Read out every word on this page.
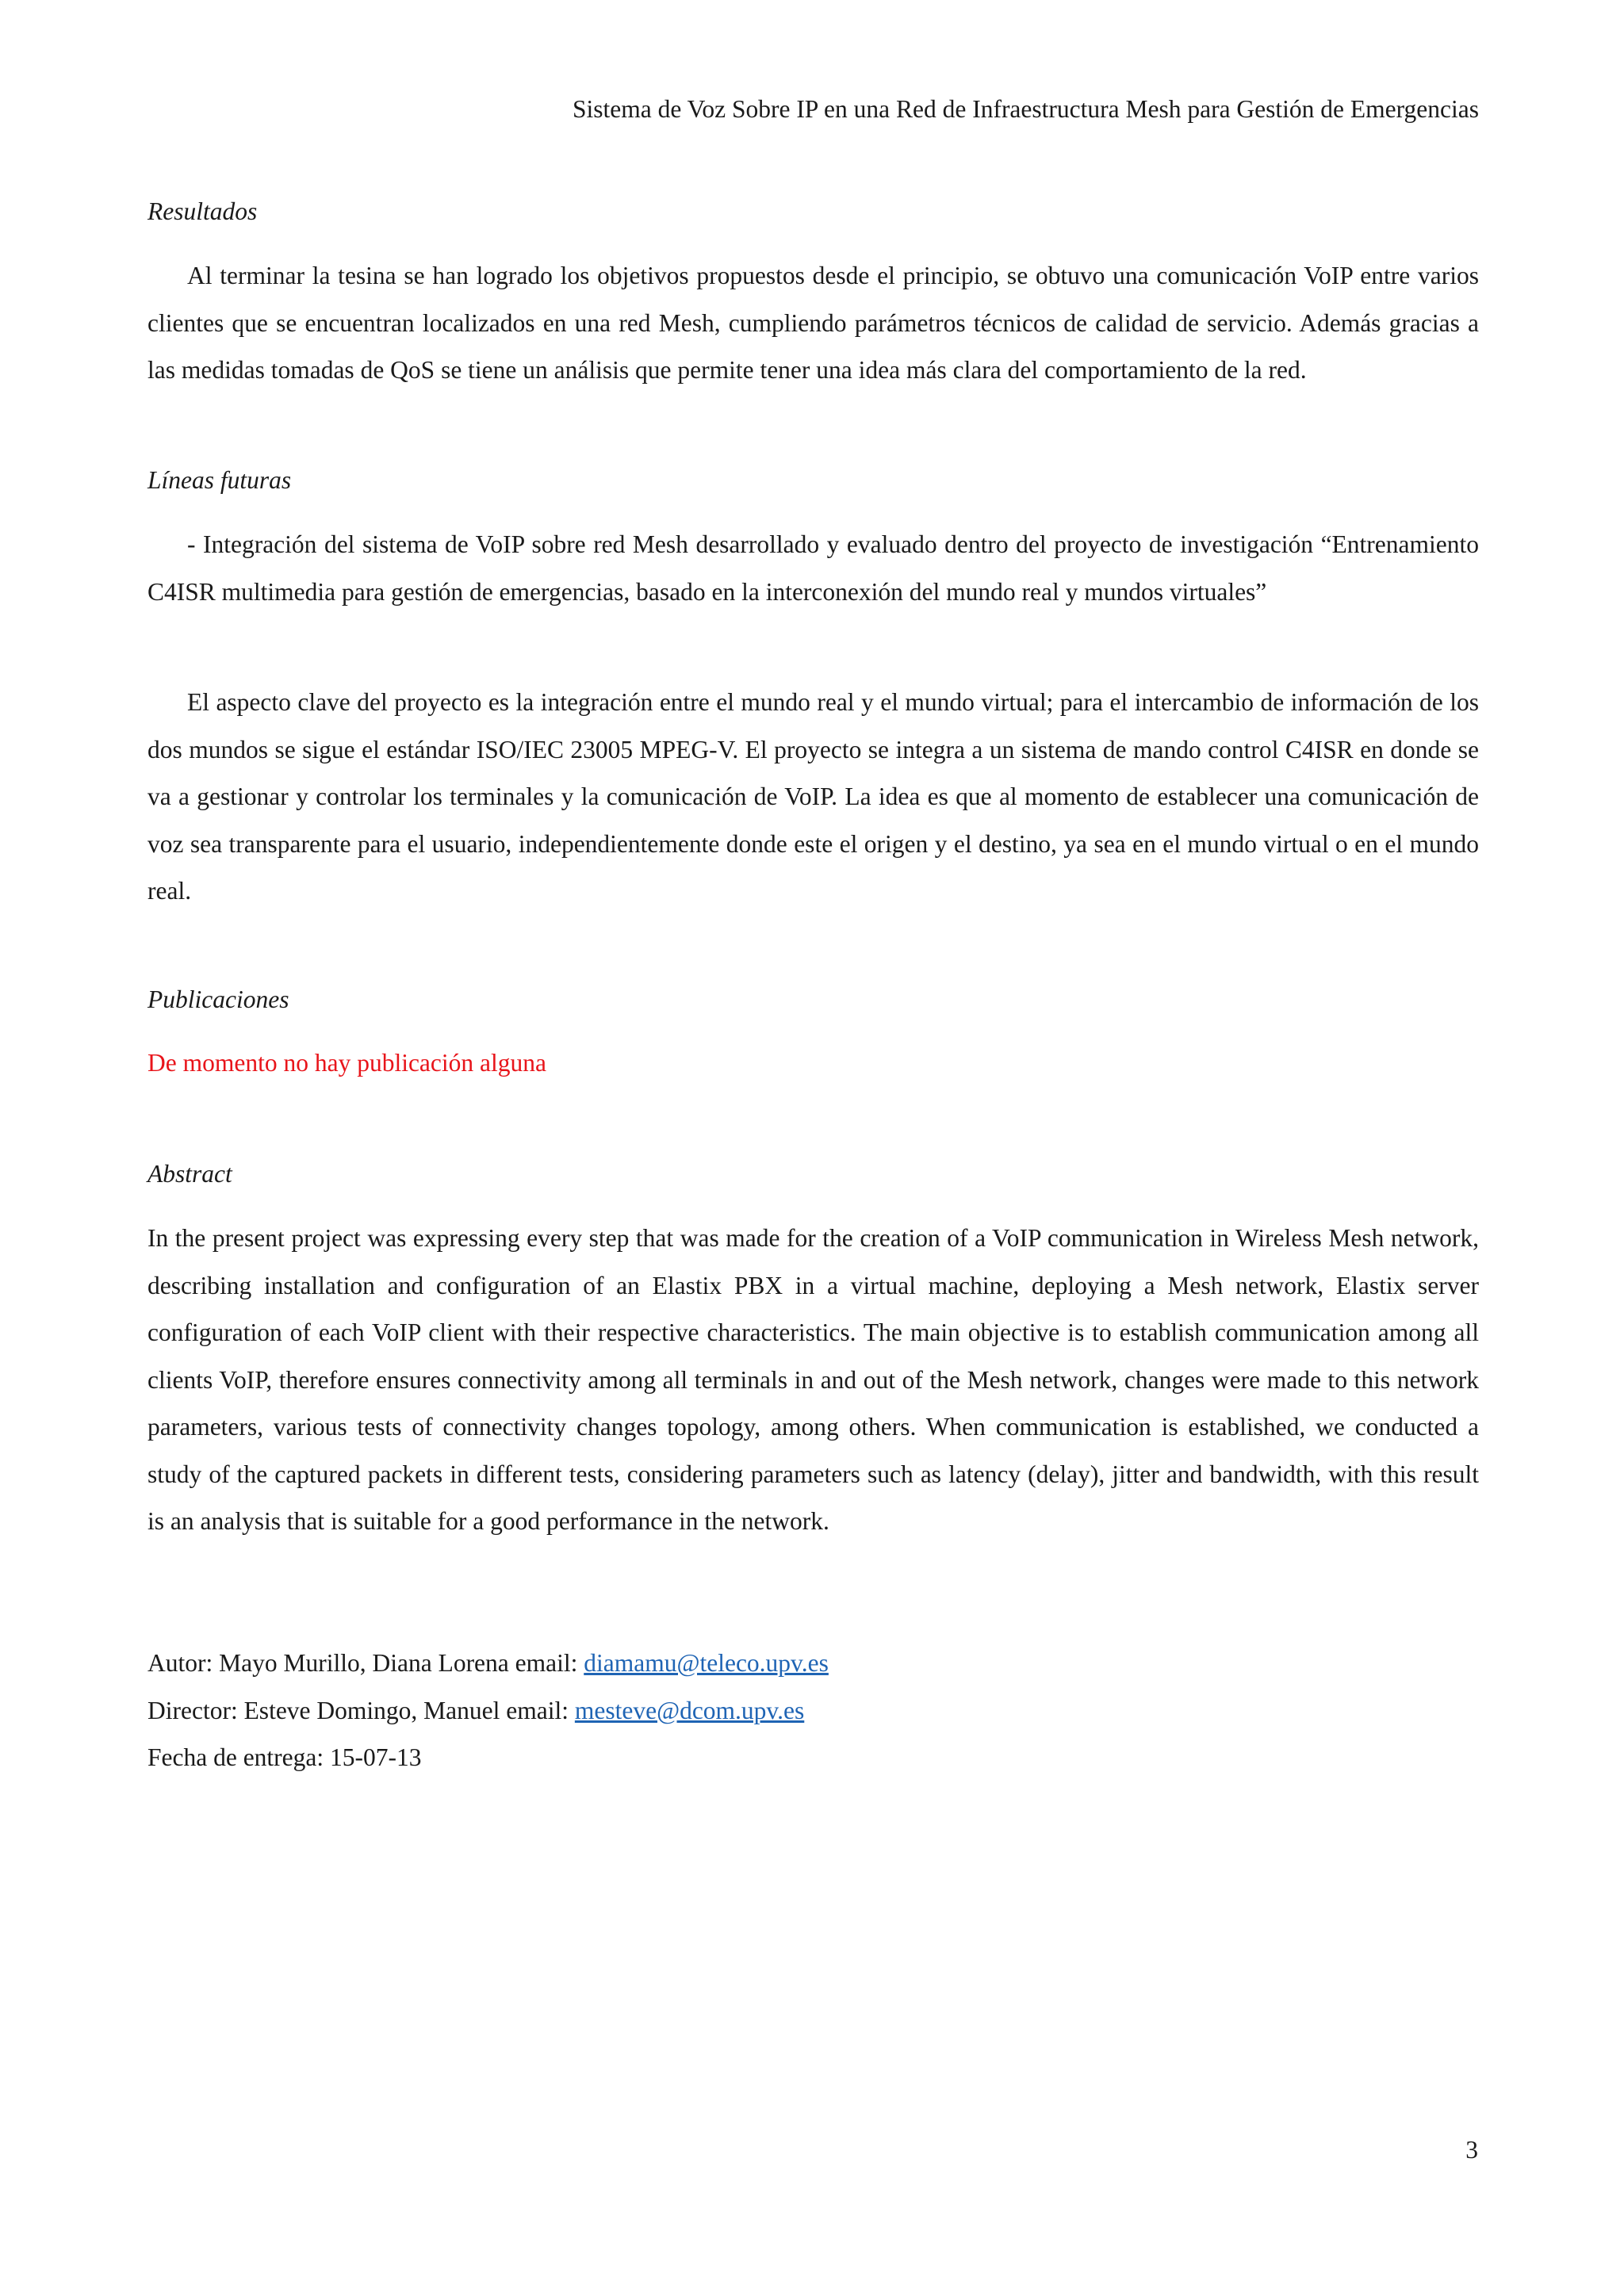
Sistema de Voz Sobre IP en una Red de Infraestructura Mesh para Gestión de Emergencias

Resultados

Al terminar la tesina se han logrado los objetivos propuestos desde el principio, se obtuvo una comunicación VoIP entre varios clientes que se encuentran localizados en una red Mesh, cumpliendo parámetros técnicos de calidad de servicio. Además gracias a las medidas tomadas de QoS se tiene un análisis que permite tener una idea más clara del comportamiento de la red.

Líneas futuras

- Integración del sistema de VoIP sobre red Mesh desarrollado y evaluado dentro del proyecto de investigación “Entrenamiento C4ISR multimedia para gestión de emergencias, basado en la interconexión del mundo real y mundos virtuales”

El aspecto clave del proyecto es la integración entre el mundo real y el mundo virtual; para el intercambio de información de los dos mundos se sigue el estándar ISO/IEC 23005 MPEG-V. El proyecto se integra a un sistema de mando control C4ISR en donde se va a gestionar y controlar los terminales y la comunicación de VoIP. La idea es que al momento de establecer una comunicación de voz sea transparente para el usuario, independientemente donde este el origen y el destino, ya sea en el mundo virtual o en el mundo real.

Publicaciones

De momento no hay publicación alguna

Abstract

In the present project was expressing every step that was made for the creation of a VoIP communication in Wireless Mesh network, describing installation and configuration of an Elastix PBX in a virtual machine, deploying a Mesh network, Elastix server configuration of each VoIP client with their respective characteristics. The main objective is to establish communication among all clients VoIP, therefore ensures connectivity among all terminals in and out of the Mesh network, changes were made to this network parameters, various tests of connectivity changes topology, among others. When communication is established, we conducted a study of the captured packets in different tests, considering parameters such as latency (delay), jitter and bandwidth, with this result is an analysis that is suitable for a good performance in the network.

Autor: Mayo Murillo, Diana Lorena email: diamamu@teleco.upv.es

Director: Esteve Domingo, Manuel email: mesteve@dcom.upv.es

Fecha de entrega: 15-07-13

3
